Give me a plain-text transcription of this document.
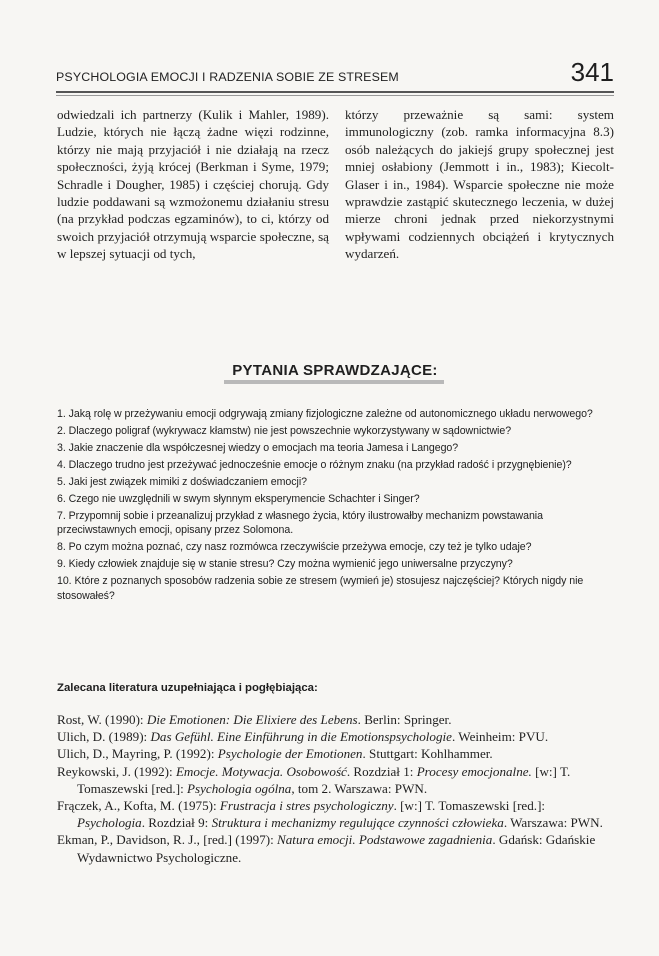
PSYCHOLOGIA EMOCJI I RADZENIA SOBIE ZE STRESEM	341
odwiedzali ich partnerzy (Kulik i Mahler, 1989). Ludzie, których nie łączą żadne więzi rodzinne, którzy nie mają przyjaciół i nie działają na rzecz społeczności, żyją krócej (Berkman i Syme, 1979; Schradle i Dougher, 1985) i częściej chorują. Gdy ludzie poddawani są wzmożonemu działaniu stresu (na przykład podczas egzaminów), to ci, którzy od swoich przyjaciół otrzymują wsparcie społeczne, są w lepszej sytuacji od tych,
którzy przeważnie są sami: system immunologiczny (zob. ramka informacyjna 8.3) osób należących do jakiejś grupy społecznej jest mniej osłabiony (Jemmott i in., 1983); Kiecolt-Glaser i in., 1984). Wsparcie społeczne nie może wprawdzie zastąpić skutecznego leczenia, w dużej mierze chroni jednak przed niekorzystnymi wpływami codziennych obciążeń i krytycznych wydarzeń.
PYTANIA SPRAWDZAJĄCE:
1. Jaką rolę w przeżywaniu emocji odgrywają zmiany fizjologiczne zależne od autonomicznego układu nerwowego?
2. Dlaczego poligraf (wykrywacz kłamstw) nie jest powszechnie wykorzystywany w sądownictwie?
3. Jakie znaczenie dla współczesnej wiedzy o emocjach ma teoria Jamesa i Langego?
4. Dlaczego trudno jest przeżywać jednocześnie emocje o różnym znaku (na przykład radość i przygnębienie)?
5. Jaki jest związek mimiki z doświadczaniem emocji?
6. Czego nie uwzględnili w swym słynnym eksperymencie Schachter i Singer?
7. Przypomnij sobie i przeanalizuj przykład z własnego życia, który ilustrowałby mechanizm powstawania przeciwstawnych emocji, opisany przez Solomona.
8. Po czym można poznać, czy nasz rozmówca rzeczywiście przeżywa emocje, czy też je tylko udaje?
9. Kiedy człowiek znajduje się w stanie stresu? Czy można wymienić jego uniwersalne przyczyny?
10. Które z poznanych sposobów radzenia sobie ze stresem (wymień je) stosujesz najczęściej? Których nigdy nie stosowałeś?
Zalecana literatura uzupełniająca i pogłębiająca:
Rost, W. (1990): Die Emotionen: Die Elixiere des Lebens. Berlin: Springer.
Ulich, D. (1989): Das Gefühl. Eine Einführung in die Emotionspsychologie. Weinheim: PVU.
Ulich, D., Mayring, P. (1992): Psychologie der Emotionen. Stuttgart: Kohlhammer.
Reykowski, J. (1992): Emocje. Motywacja. Osobowość. Rozdział 1: Procesy emocjonalne. [w:] T. Tomaszewski [red.]: Psychologia ogólna, tom 2. Warszawa: PWN.
Frączek, A., Kofta, M. (1975): Frustracja i stres psychologiczny. [w:] T. Tomaszewski [red.]: Psychologia. Rozdział 9: Struktura i mechanizmy regulujące czynności człowieka. Warszawa: PWN.
Ekman, P., Davidson, R. J., [red.] (1997): Natura emocji. Podstawowe zagadnienia. Gdańsk: Gdańskie Wydawnictwo Psychologiczne.
